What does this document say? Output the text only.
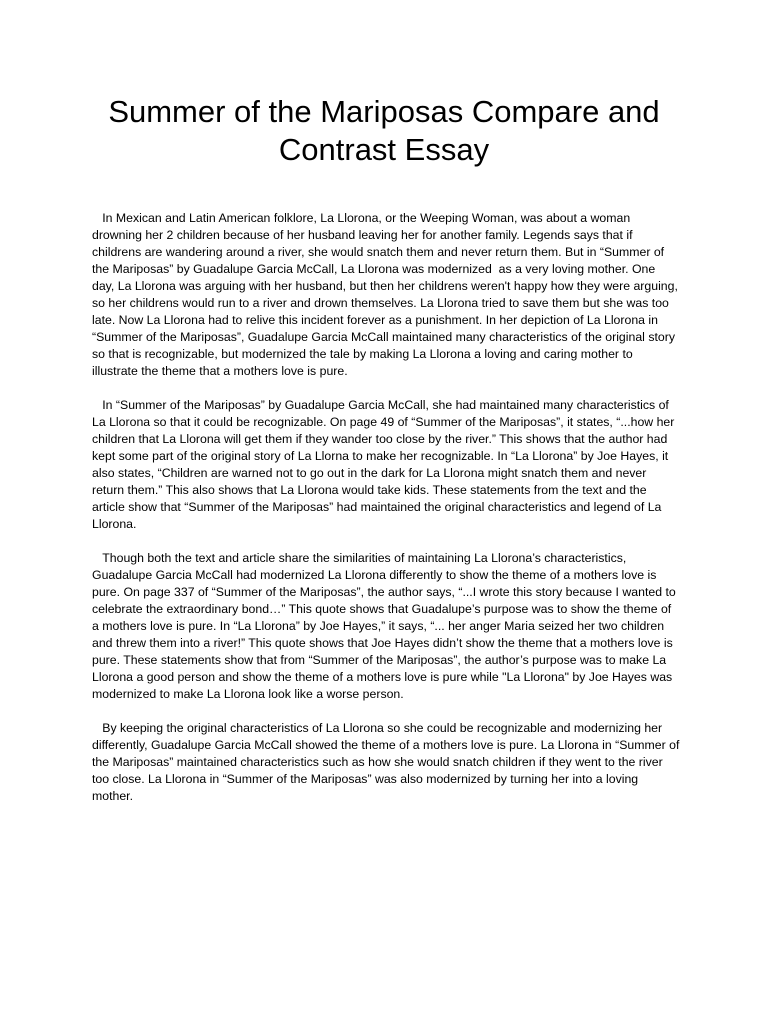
Summer of the Mariposas Compare and Contrast Essay

In Mexican and Latin American folklore, La Llorona, or the Weeping Woman, was about a woman drowning her 2 children because of her husband leaving her for another family. Legends says that if childrens are wandering around a river, she would snatch them and never return them. But in “Summer of the Mariposas” by Guadalupe Garcia McCall, La Llorona was modernized  as a very loving mother. One day, La Llorona was arguing with her husband, but then her childrens weren't happy how they were arguing, so her childrens would run to a river and drown themselves. La Llorona tried to save them but she was too late. Now La Llorona had to relive this incident forever as a punishment. In her depiction of La Llorona in “Summer of the Mariposas”, Guadalupe Garcia McCall maintained many characteristics of the original story so that is recognizable, but modernized the tale by making La Llorona a loving and caring mother to illustrate the theme that a mothers love is pure.

In “Summer of the Mariposas” by Guadalupe Garcia McCall, she had maintained many characteristics of La Llorona so that it could be recognizable. On page 49 of “Summer of the Mariposas”, it states, “...how her children that La Llorona will get them if they wander too close by the river.” This shows that the author had kept some part of the original story of La Llorna to make her recognizable. In “La Llorona” by Joe Hayes, it also states, “Children are warned not to go out in the dark for La Llorona might snatch them and never return them.” This also shows that La Llorona would take kids. These statements from the text and the article show that “Summer of the Mariposas” had maintained the original characteristics and legend of La Llorona.

Though both the text and article share the similarities of maintaining La Llorona’s characteristics, Guadalupe Garcia McCall had modernized La Llorona differently to show the theme of a mothers love is pure. On page 337 of “Summer of the Mariposas”, the author says, “...I wrote this story because I wanted to celebrate the extraordinary bond…” This quote shows that Guadalupe’s purpose was to show the theme of a mothers love is pure. In “La Llorona” by Joe Hayes,” it says, “... her anger Maria seized her two children and threw them into a river!” This quote shows that Joe Hayes didn’t show the theme that a mothers love is pure. These statements show that from “Summer of the Mariposas”, the author’s purpose was to make La Llorona a good person and show the theme of a mothers love is pure while "La Llorona" by Joe Hayes was modernized to make La Llorona look like a worse person.

By keeping the original characteristics of La Llorona so she could be recognizable and modernizing her differently, Guadalupe Garcia McCall showed the theme of a mothers love is pure. La Llorona in “Summer of the Mariposas” maintained characteristics such as how she would snatch children if they went to the river too close. La Llorona in “Summer of the Mariposas” was also modernized by turning her into a loving mother.
